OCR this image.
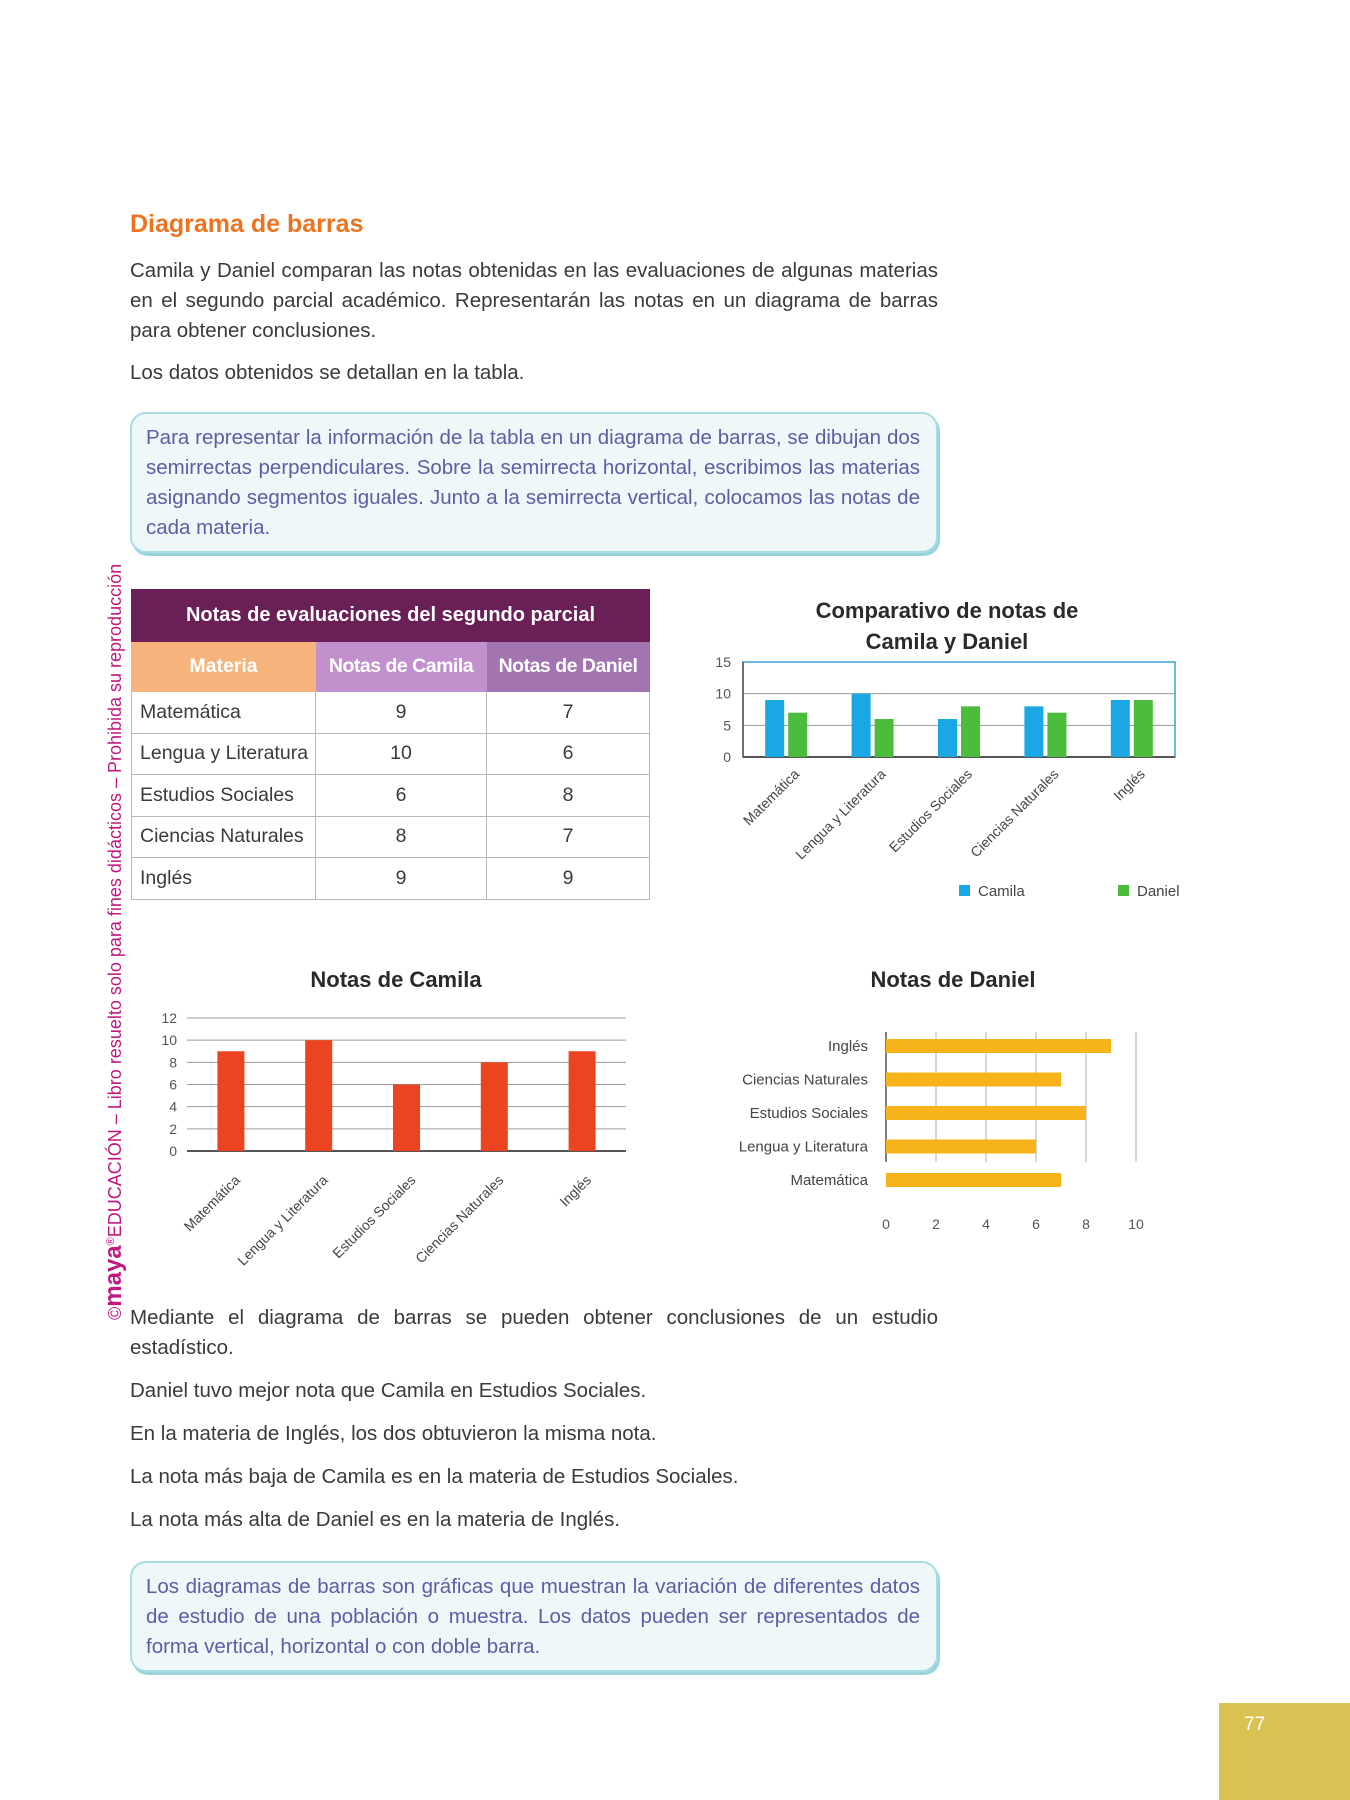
©maya®EDUCACIÓN – Libro resuelto solo para fines didácticos – Prohibida su reproducción
Diagrama de barras

Camila y Daniel comparan las notas obtenidas en las evaluaciones de algunas materias en el segundo parcial académico. Representarán las notas en un diagrama de barras para obtener conclusiones.

Los datos obtenidos se detallan en la tabla.

Para representar la información de la tabla en un diagrama de barras, se dibujan dos semirrectas perpendiculares. Sobre la semirrecta horizontal, escribimos las materias asignando segmentos iguales. Junto a la semirrecta vertical, colocamos las notas de cada materia.
Notas de evaluaciones del segundo parcial		
Materia	Notas de Camila	Notas de Daniel
Matemática	9	7
Lengua y Literatura	10	6
Estudios Sociales	6	8
Ciencias Naturales	8	7
Inglés	9	9
Comparativo de notas de
Camila y Daniel
0
5
10
15
Matemática
Lengua y Literatura
Estudios Sociales
Ciencias Naturales	Inglés
Camila	Daniel
Notas de Camila
0
2
4
6
8
10
12
Matemática
Lengua y Literatura
Estudios Sociales
Ciencias Naturales	Inglés
Notas de Daniel
0	2	4	6	8	10
Matemática
Lengua y Literatura
Estudios Sociales
Ciencias Naturales
Inglés

Mediante el diagrama de barras se pueden obtener conclusiones de un estudio estadístico.

Daniel tuvo mejor nota que Camila en Estudios Sociales.

En la materia de Inglés, los dos obtuvieron la misma nota.

La nota más baja de Camila es en la materia de Estudios Sociales.

La nota más alta de Daniel es en la materia de Inglés.

Los diagramas de barras son gráficas que muestran la variación de diferentes datos de estudio de una población o muestra. Los datos pueden ser representados de forma vertical, horizontal o con doble barra.
77
